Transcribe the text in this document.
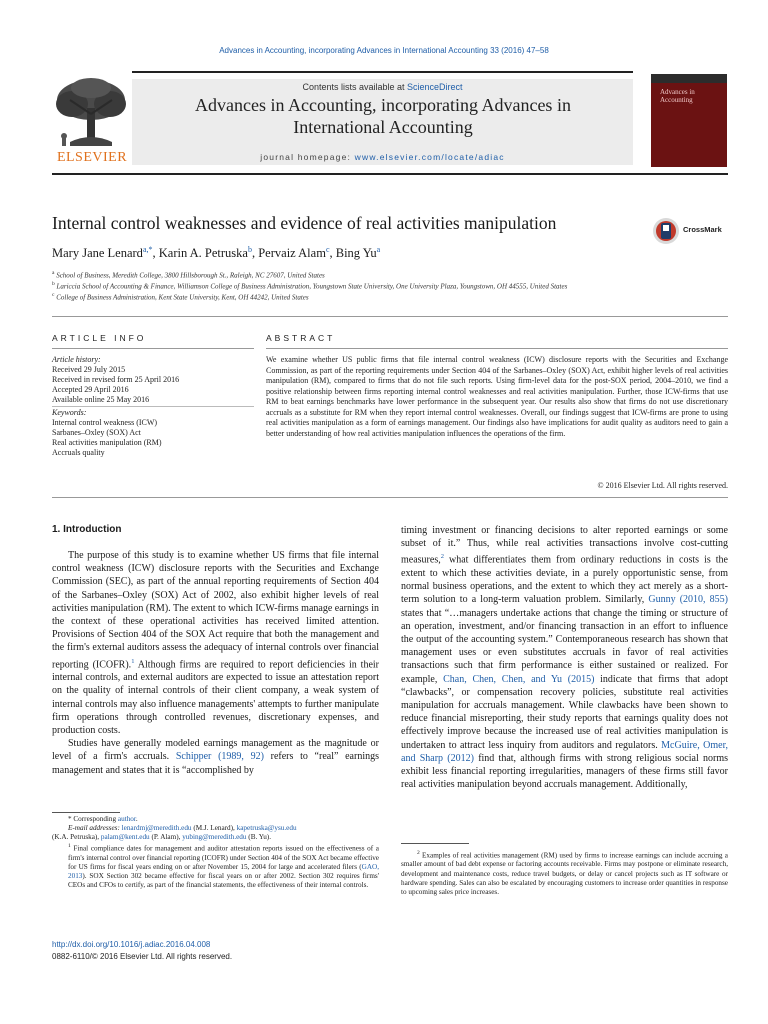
Advances in Accounting, incorporating Advances in International Accounting 33 (2016) 47–58
Contents lists available at ScienceDirect
Advances in Accounting, incorporating Advances in International Accounting
journal homepage: www.elsevier.com/locate/adiac
ELSEVIER
Advances in Accounting
Internal control weaknesses and evidence of real activities manipulation	CrossMark
Mary Jane Lenard$^{a,*}$, Karin A. Petruska$^b$, Pervaiz Alam$^c$, Bing Yu$^a$
$^a$ School of Business, Meredith College, 3800 Hillsborough St., Raleigh, NC 27607, United States
$^b$ Lariccia School of Accounting & Finance, Williamson College of Business Administration, Youngstown State University, One University Plaza, Youngstown, OH 44555, United States
$^c$ College of Business Administration, Kent State University, Kent, OH 44242, United States
ARTICLE INFO	ABSTRACT
Article history:
Received 29 July 2015
Received in revised form 25 April 2016
Accepted 29 April 2016
Available online 25 May 2016
Keywords:
Internal control weakness (ICW)
Sarbanes–Oxley (SOX) Act
Real activities manipulation (RM)
Accruals quality
We examine whether US public firms that file internal control weakness (ICW) disclosure reports with the Securities and Exchange Commission, as part of the reporting requirements under Section 404 of the Sarbanes–Oxley (SOX) Act, exhibit higher levels of real activities manipulation (RM), compared to firms that do not file such reports. Using firm-level data for the post-SOX period, 2004–2010, we find a positive relationship between firms reporting internal control weaknesses and real activities manipulation. Further, those ICW-firms that use RM to beat earnings benchmarks have lower performance in the subsequent year. Our results also show that firms do not use discretionary accruals as a substitute for RM when they report internal control weaknesses. Overall, our findings suggest that ICW-firms are prone to using real activities manipulation as a form of earnings management. Our findings also have implications for audit quality as auditors need to gain a better understanding of how real activities manipulation influences the operations of the firm.
© 2016 Elsevier Ltd. All rights reserved.
1. Introduction

The purpose of this study is to examine whether US firms that file internal control weakness (ICW) disclosure reports with the Securities and Exchange Commission (SEC), as part of the annual reporting requirements of Section 404 of the Sarbanes–Oxley (SOX) Act of 2002, also exhibit higher levels of real activities manipulation (RM). The extent to which ICW-firms manage earnings in the context of these operational activities has received limited attention. Provisions of Section 404 of the SOX Act require that both the management and the firm's external auditors assess the adequacy of internal controls over financial reporting (ICOFR).$^1$ Although firms are required to report deficiencies in their internal controls, and external auditors are expected to issue an attestation report on the quality of internal controls of their client company, a weak system of internal controls may also influence managements' attempts to further manipulate firm operations through controlled revenues, discretionary expenses, and production costs.

Studies have generally modeled earnings management as the magnitude or level of a firm's accruals. Schipper (1989, 92) refers to “real” earnings management and states that it is “accomplished by

timing investment or financing decisions to alter reported earnings or some subset of it.” Thus, while real activities transactions involve cost-cutting measures,$^2$ what differentiates them from ordinary reductions in costs is the extent to which these activities deviate, in a purely opportunistic sense, from normal business operations, and the extent to which they act merely as a short-term solution to a long-term valuation problem. Similarly, Gunny (2010, 855) states that “…managers undertake actions that change the timing or structure of an operation, investment, and/or financing transaction in an effort to influence the output of the accounting system.” Contemporaneous research has shown that management uses or even substitutes accruals in favor of real activities transactions such that firm performance is either sustained or realized. For example, Chan, Chen, Chen, and Yu (2015) indicate that firms that adopt “clawbacks”, or compensation recovery policies, substitute real activities manipulation for accruals management. While clawbacks have been shown to reduce financial misreporting, their study reports that earnings quality does not effectively improve because the increased use of real activities manipulation is undertaken to attract less inquiry from auditors and regulators. McGuire, Omer, and Sharp (2012) find that, although firms with strong religious social norms exhibit less financial reporting irregularities, managers of these firms still favor real activities manipulation beyond accruals management. Additionally,

* Corresponding author.
E-mail addresses: lenardmj@meredith.edu (M.J. Lenard), kapetruska@ysu.edu
(K.A. Petruska), palam@kent.edu (P. Alam), yubing@meredith.edu (B. Yu).
$^1$ Final compliance dates for management and auditor attestation reports issued on the effectiveness of a firm's internal control over financial reporting (ICOFR) under Section 404 of the SOX Act became effective for US firms for fiscal years ending on or after November 15, 2004 for large and accelerated filers (GAO, 2013). SOX Section 302 became effective for fiscal years on or after 2002. Section 302 requires firms' CEOs and CFOs to certify, as part of the financial statements, the effectiveness of their internal controls.
$^2$ Examples of real activities management (RM) used by firms to increase earnings can include accruing a smaller amount of bad debt expense or factoring accounts receivable. Firms may postpone or eliminate research, development and maintenance costs, reduce travel budgets, or delay or cancel projects such as IT software or hardware spending. Sales can also be escalated by encouraging customers to increase order quantities in response to upcoming sales price increases.
http://dx.doi.org/10.1016/j.adiac.2016.04.008
0882-6110/© 2016 Elsevier Ltd. All rights reserved.
